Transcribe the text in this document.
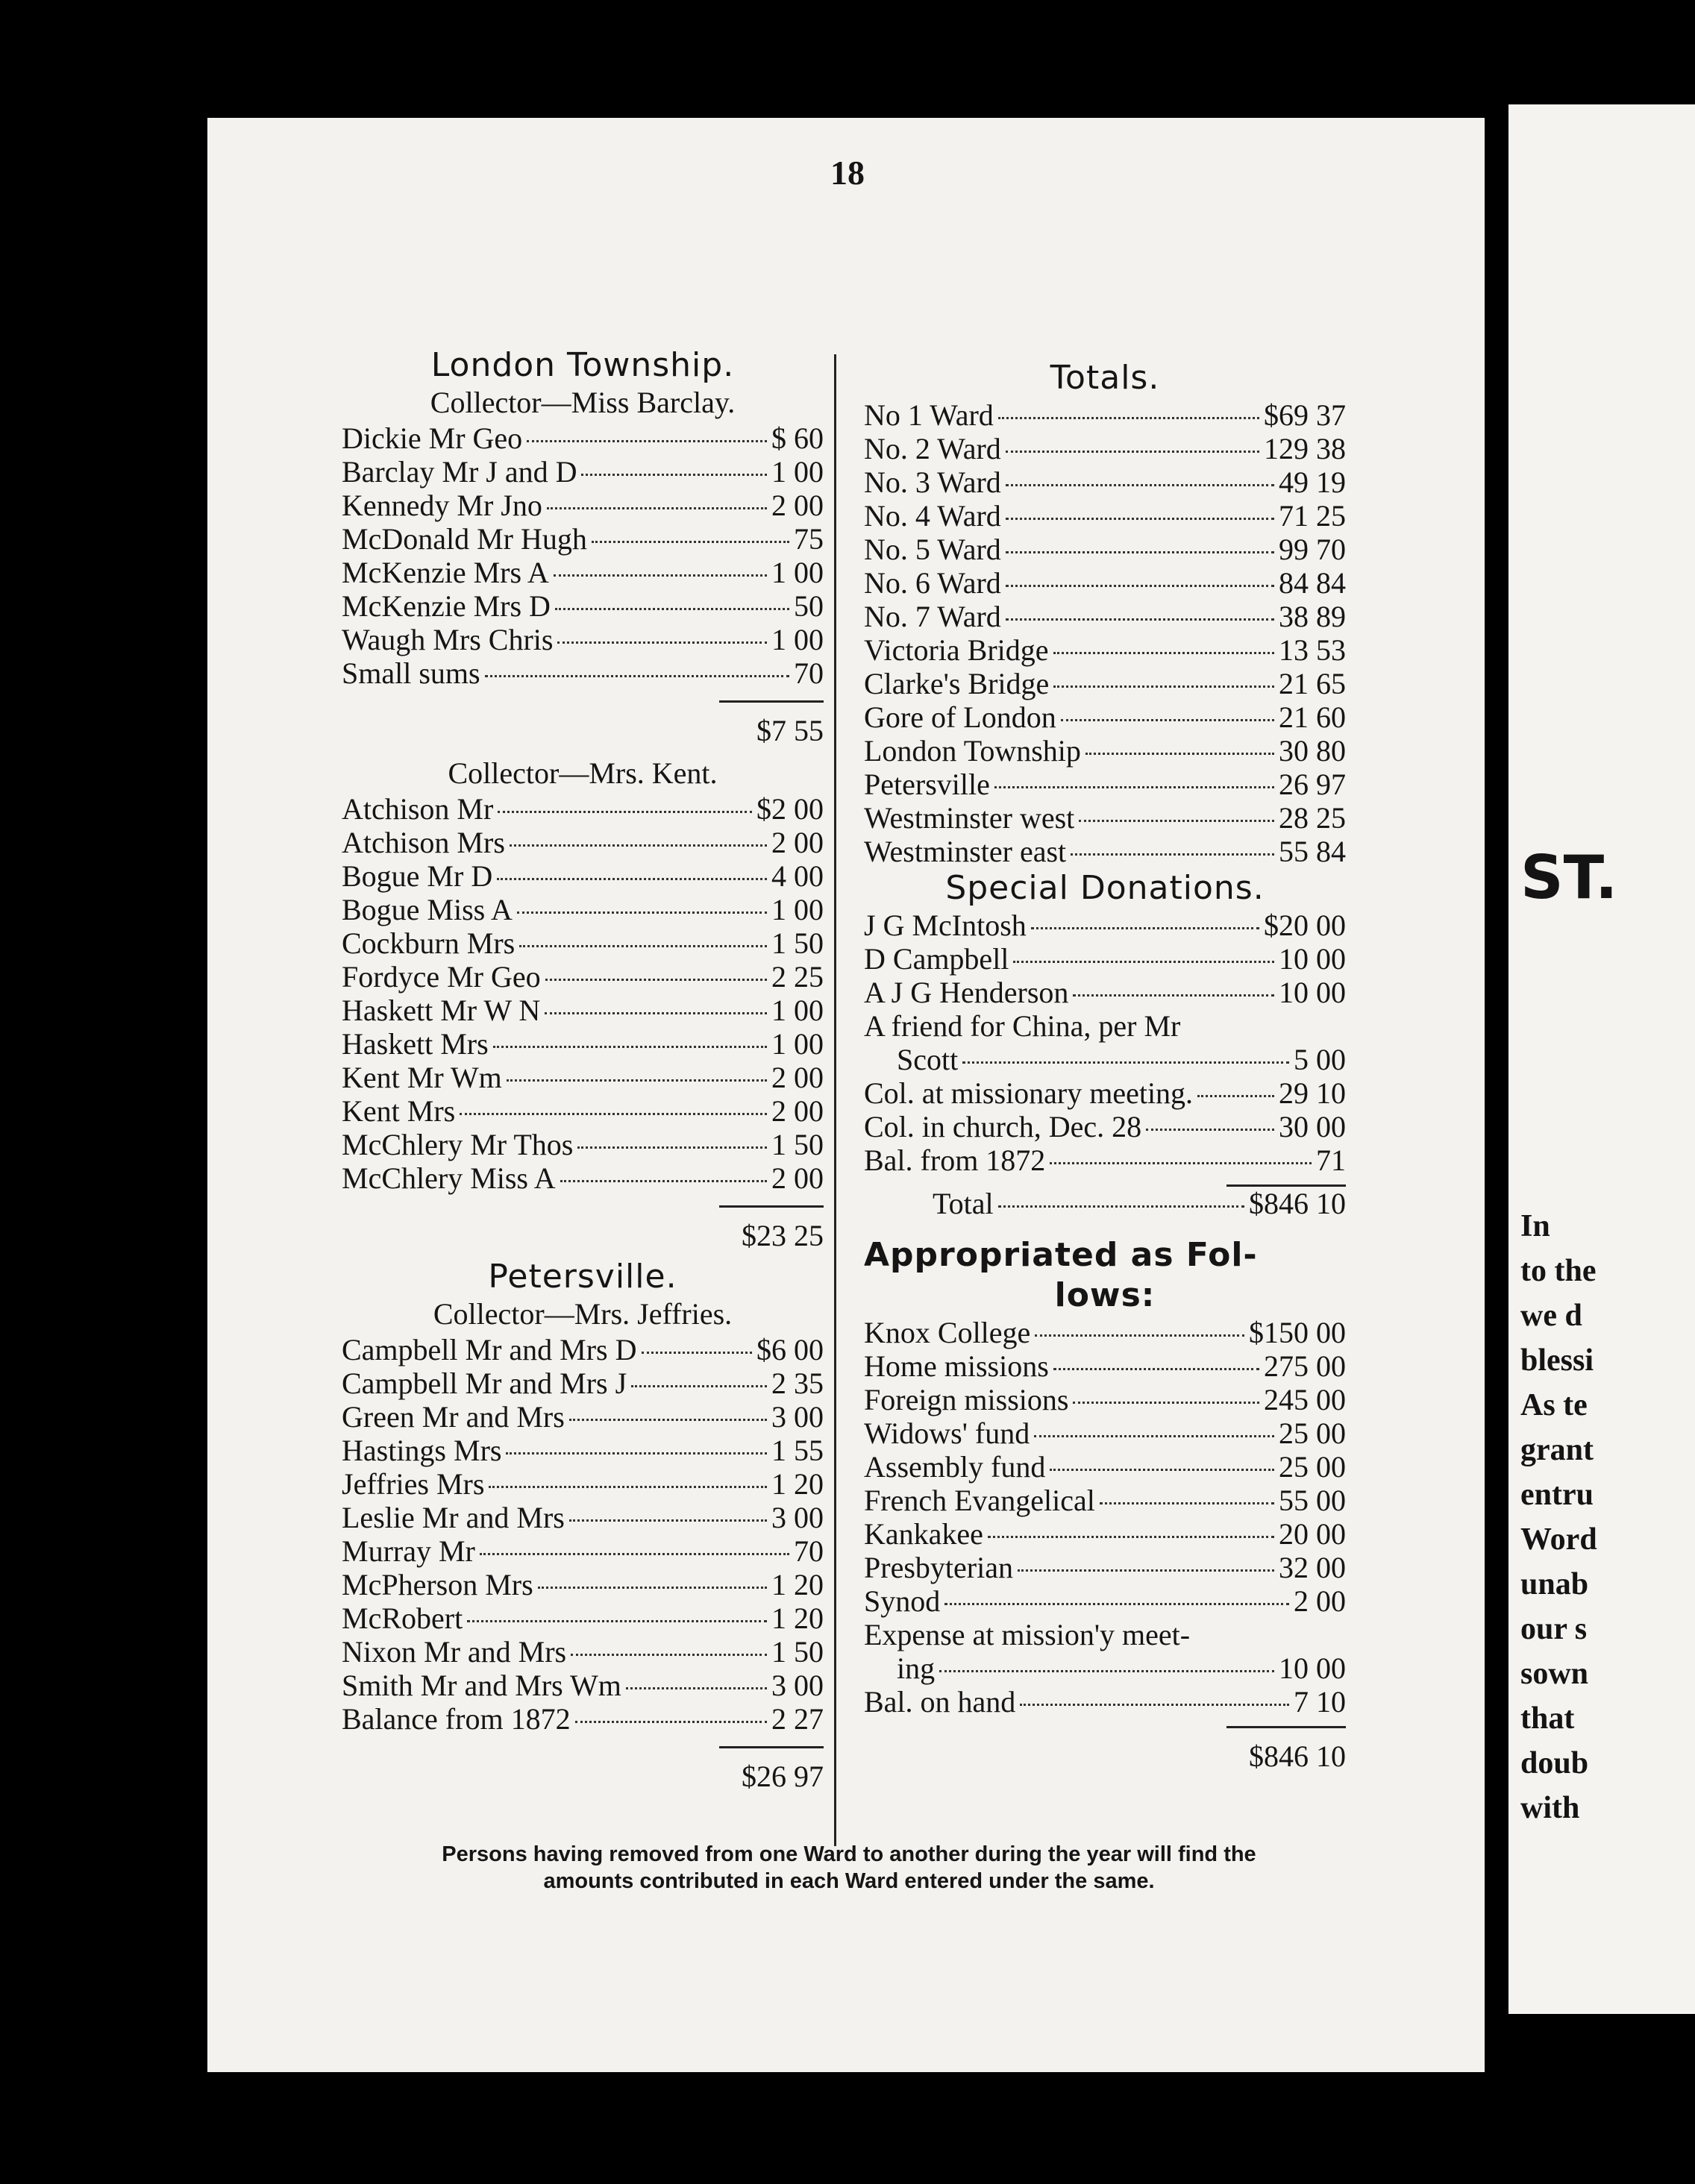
18
London Township.
Collector—Miss Barclay.
Dickie Mr Geo	$ 60
Barclay Mr J and D	1 00
Kennedy Mr Jno	2 00
McDonald Mr Hugh	75
McKenzie Mrs A	1 00
McKenzie Mrs D	50
Waugh Mrs Chris	1 00
Small sums	70
$7 55
Collector—Mrs. Kent.
Atchison Mr	$2 00
Atchison Mrs	2 00
Bogue Mr D	4 00
Bogue Miss A	1 00
Cockburn Mrs	1 50
Fordyce Mr Geo	2 25
Haskett Mr W N	1 00
Haskett Mrs	1 00
Kent Mr Wm	2 00
Kent Mrs	2 00
McChlery Mr Thos	1 50
McChlery Miss A	2 00
$23 25
Petersville.
Collector—Mrs. Jeffries.
Campbell Mr and Mrs D	$6 00
Campbell Mr and Mrs J	2 35
Green Mr and Mrs	3 00
Hastings Mrs	1 55
Jeffries Mrs	1 20
Leslie Mr and Mrs	3 00
Murray Mr	70
McPherson Mrs	1 20
McRobert	1 20
Nixon Mr and Mrs	1 50
Smith Mr and Mrs Wm	3 00
Balance from 1872	2 27
$26 97
Totals.
No 1 Ward	$69 37
No. 2 Ward	129 38
No. 3 Ward	49 19
No. 4 Ward	71 25
No. 5 Ward	99 70
No. 6 Ward	84 84
No. 7 Ward	38 89
Victoria Bridge	13 53
Clarke's Bridge	21 65
Gore of London	21 60
London Township	30 80
Petersville	26 97
Westminster west	28 25
Westminster east	55 84
Special Donations.
J G McIntosh	$20 00
D Campbell	10 00
A J G Henderson	10 00
A friend for China, per Mr
Scott	5 00
Col. at missionary meeting.	29 10
Col. in church, Dec. 28	30 00
Bal. from 1872	71
Total	$846 10
Appropriated as Fol-
lows:
Knox College	$150 00
Home missions	275 00
Foreign missions	245 00
Widows' fund	25 00
Assembly fund	25 00
French Evangelical	55 00
Kankakee	20 00
Presbyterian	32 00
Synod	2 00
Expense at mission'y meet-
ing	10 00
Bal. on hand	7 10
$846 10
Persons having removed from one Ward to another during the year will find the
amounts contributed in each Ward entered under the same.
ST.
In
to the
we d
blessi
As te
grant
entru
Word
unab
our s
sown
that
doub
with
